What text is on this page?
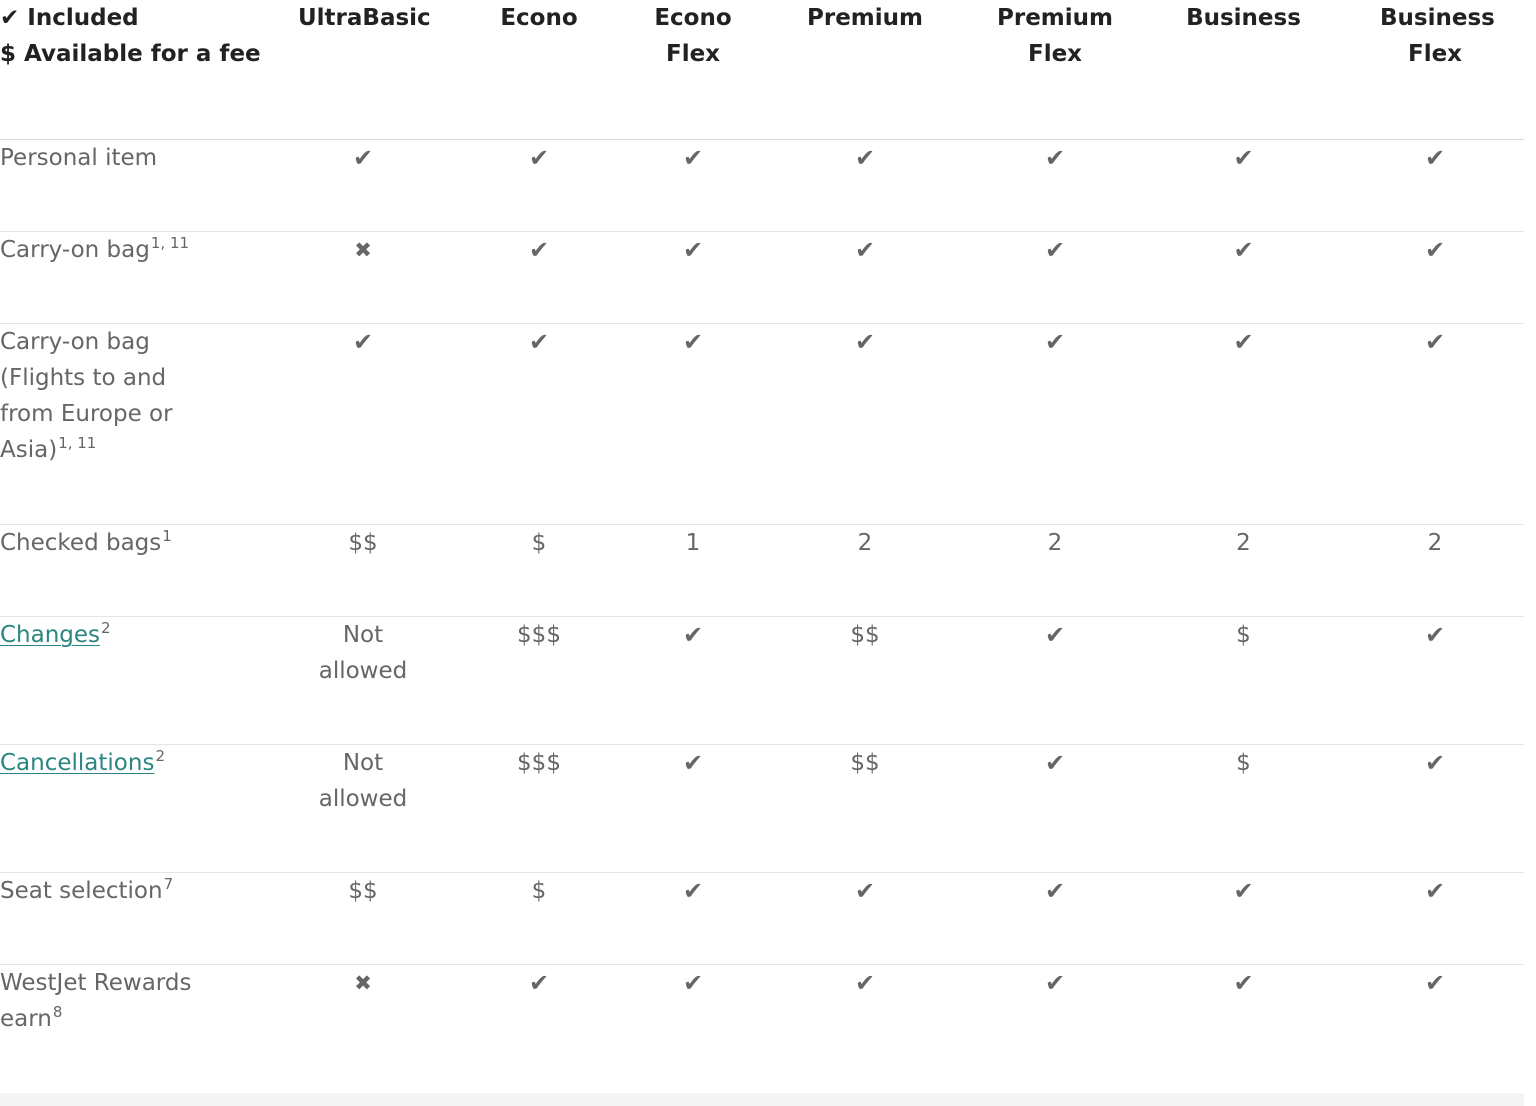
✔ Included
$ Available for a fee	UltraBasic	Econo	Econo Flex	Premium	Premium Flex	Business	Business Flex
Personal item	✔	✔	✔	✔	✔	✔	✔
Carry-on bag$^{1, 11}$	✖	✔	✔	✔	✔	✔	✔
Carry-on bag (Flights to and from Europe or Asia)$^{1, 11}$	✔	✔	✔	✔	✔	✔	✔
Checked bags$^1$	$$	$	1	2	2	2	2
Changes$^2$	Not allowed	$$$	✔	$$	✔	$	✔
Cancellations$^2$	Not allowed	$$$	✔	$$	✔	$	✔
Seat selection$^7$	$$	$	✔	✔	✔	✔	✔
WestJet Rewards earn$^8$	✖	✔	✔	✔	✔	✔	✔
